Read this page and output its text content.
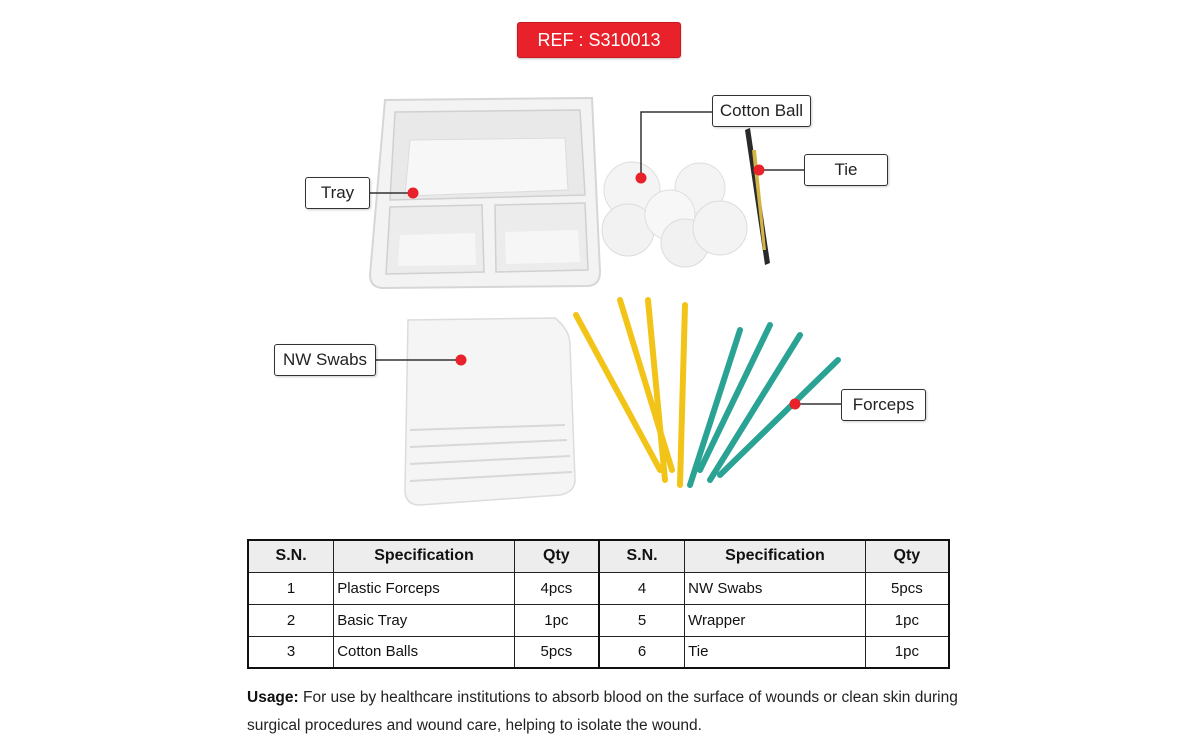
REF : S310013
Tray
Cotton Ball
Tie
NW Swabs
Forceps
S.N.	Specification	Qty	S.N.	Specification	Qty
1	Plastic Forceps	4pcs	4	NW Swabs	5pcs
2	Basic Tray	1pc	5	Wrapper	1pc
3	Cotton Balls	5pcs	6	Tie	1pc
Usage: For use by healthcare institutions to absorb blood on the surface of wounds or clean skin during surgical procedures and wound care, helping to isolate the wound.
